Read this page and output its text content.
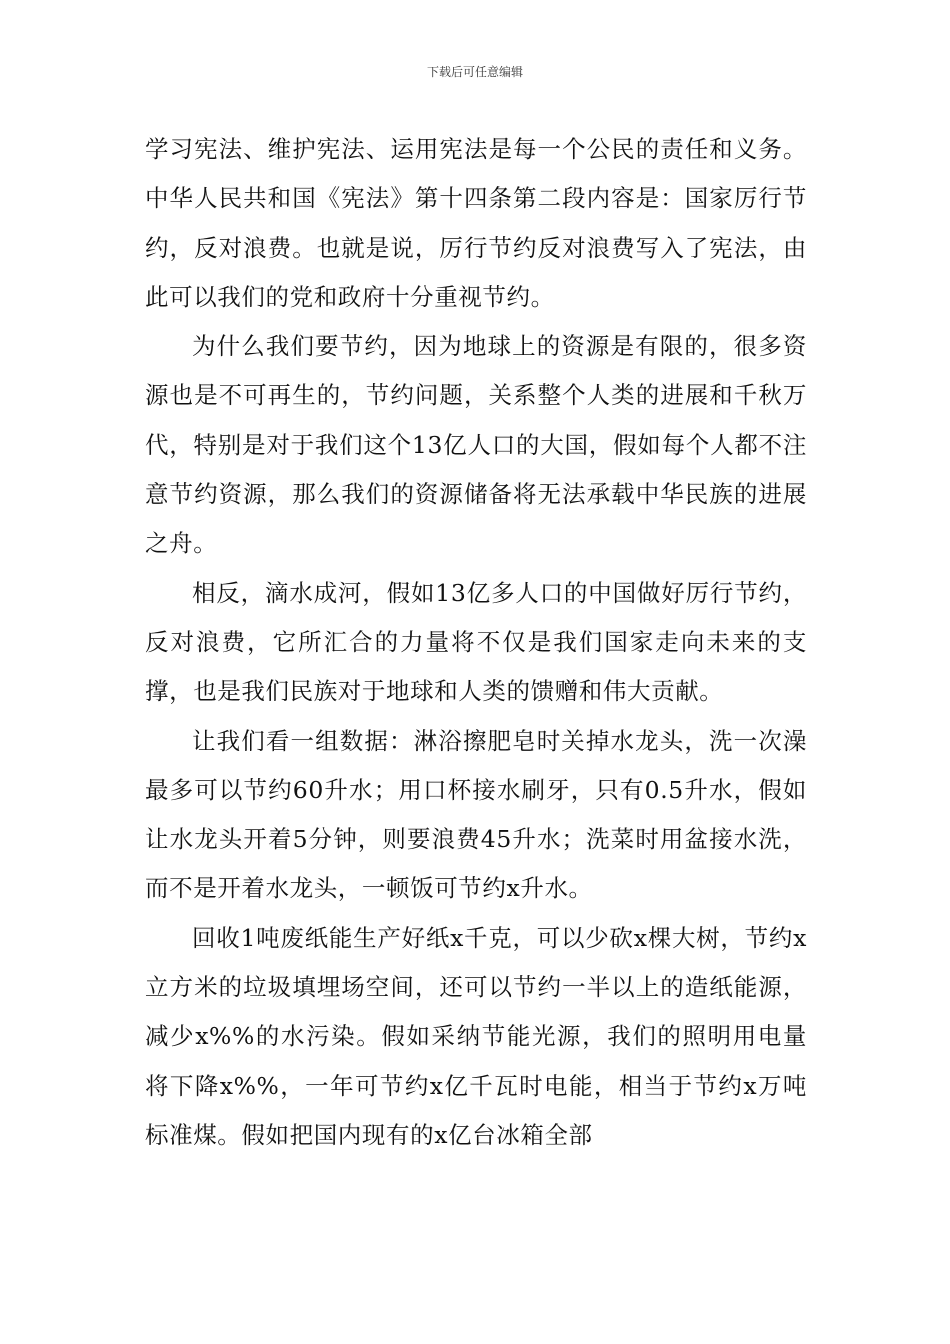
下载后可任意编辑

学习宪法、维护宪法、运用宪法是每一个公民的责任和义务。中华人民共和国《宪法》第十四条第二段内容是：国家厉行节约，反对浪费。也就是说，厉行节约反对浪费写入了宪法，由此可以我们的党和政府十分重视节约。

为什么我们要节约，因为地球上的资源是有限的，很多资源也是不可再生的，节约问题，关系整个人类的进展和千秋万代，特别是对于我们这个13亿人口的大国，假如每个人都不注意节约资源，那么我们的资源储备将无法承载中华民族的进展之舟。

相反，滴水成河，假如13亿多人口的中国做好厉行节约，反对浪费，它所汇合的力量将不仅是我们国家走向未来的支撑，也是我们民族对于地球和人类的馈赠和伟大贡献。

让我们看一组数据：淋浴擦肥皂时关掉水龙头，洗一次澡最多可以节约60升水；用口杯接水刷牙，只有0.5升水，假如让水龙头开着5分钟，则要浪费45升水；洗菜时用盆接水洗，而不是开着水龙头，一顿饭可节约x升水。

回收1吨废纸能生产好纸x千克，可以少砍x棵大树，节约x立方米的垃圾填埋场空间，还可以节约一半以上的造纸能源，减少x%%的水污染。假如采纳节能光源，我们的照明用电量将下降x%%，一年可节约x亿千瓦时电能，相当于节约x万吨标准煤。假如把国内现有的x亿台冰箱全部
